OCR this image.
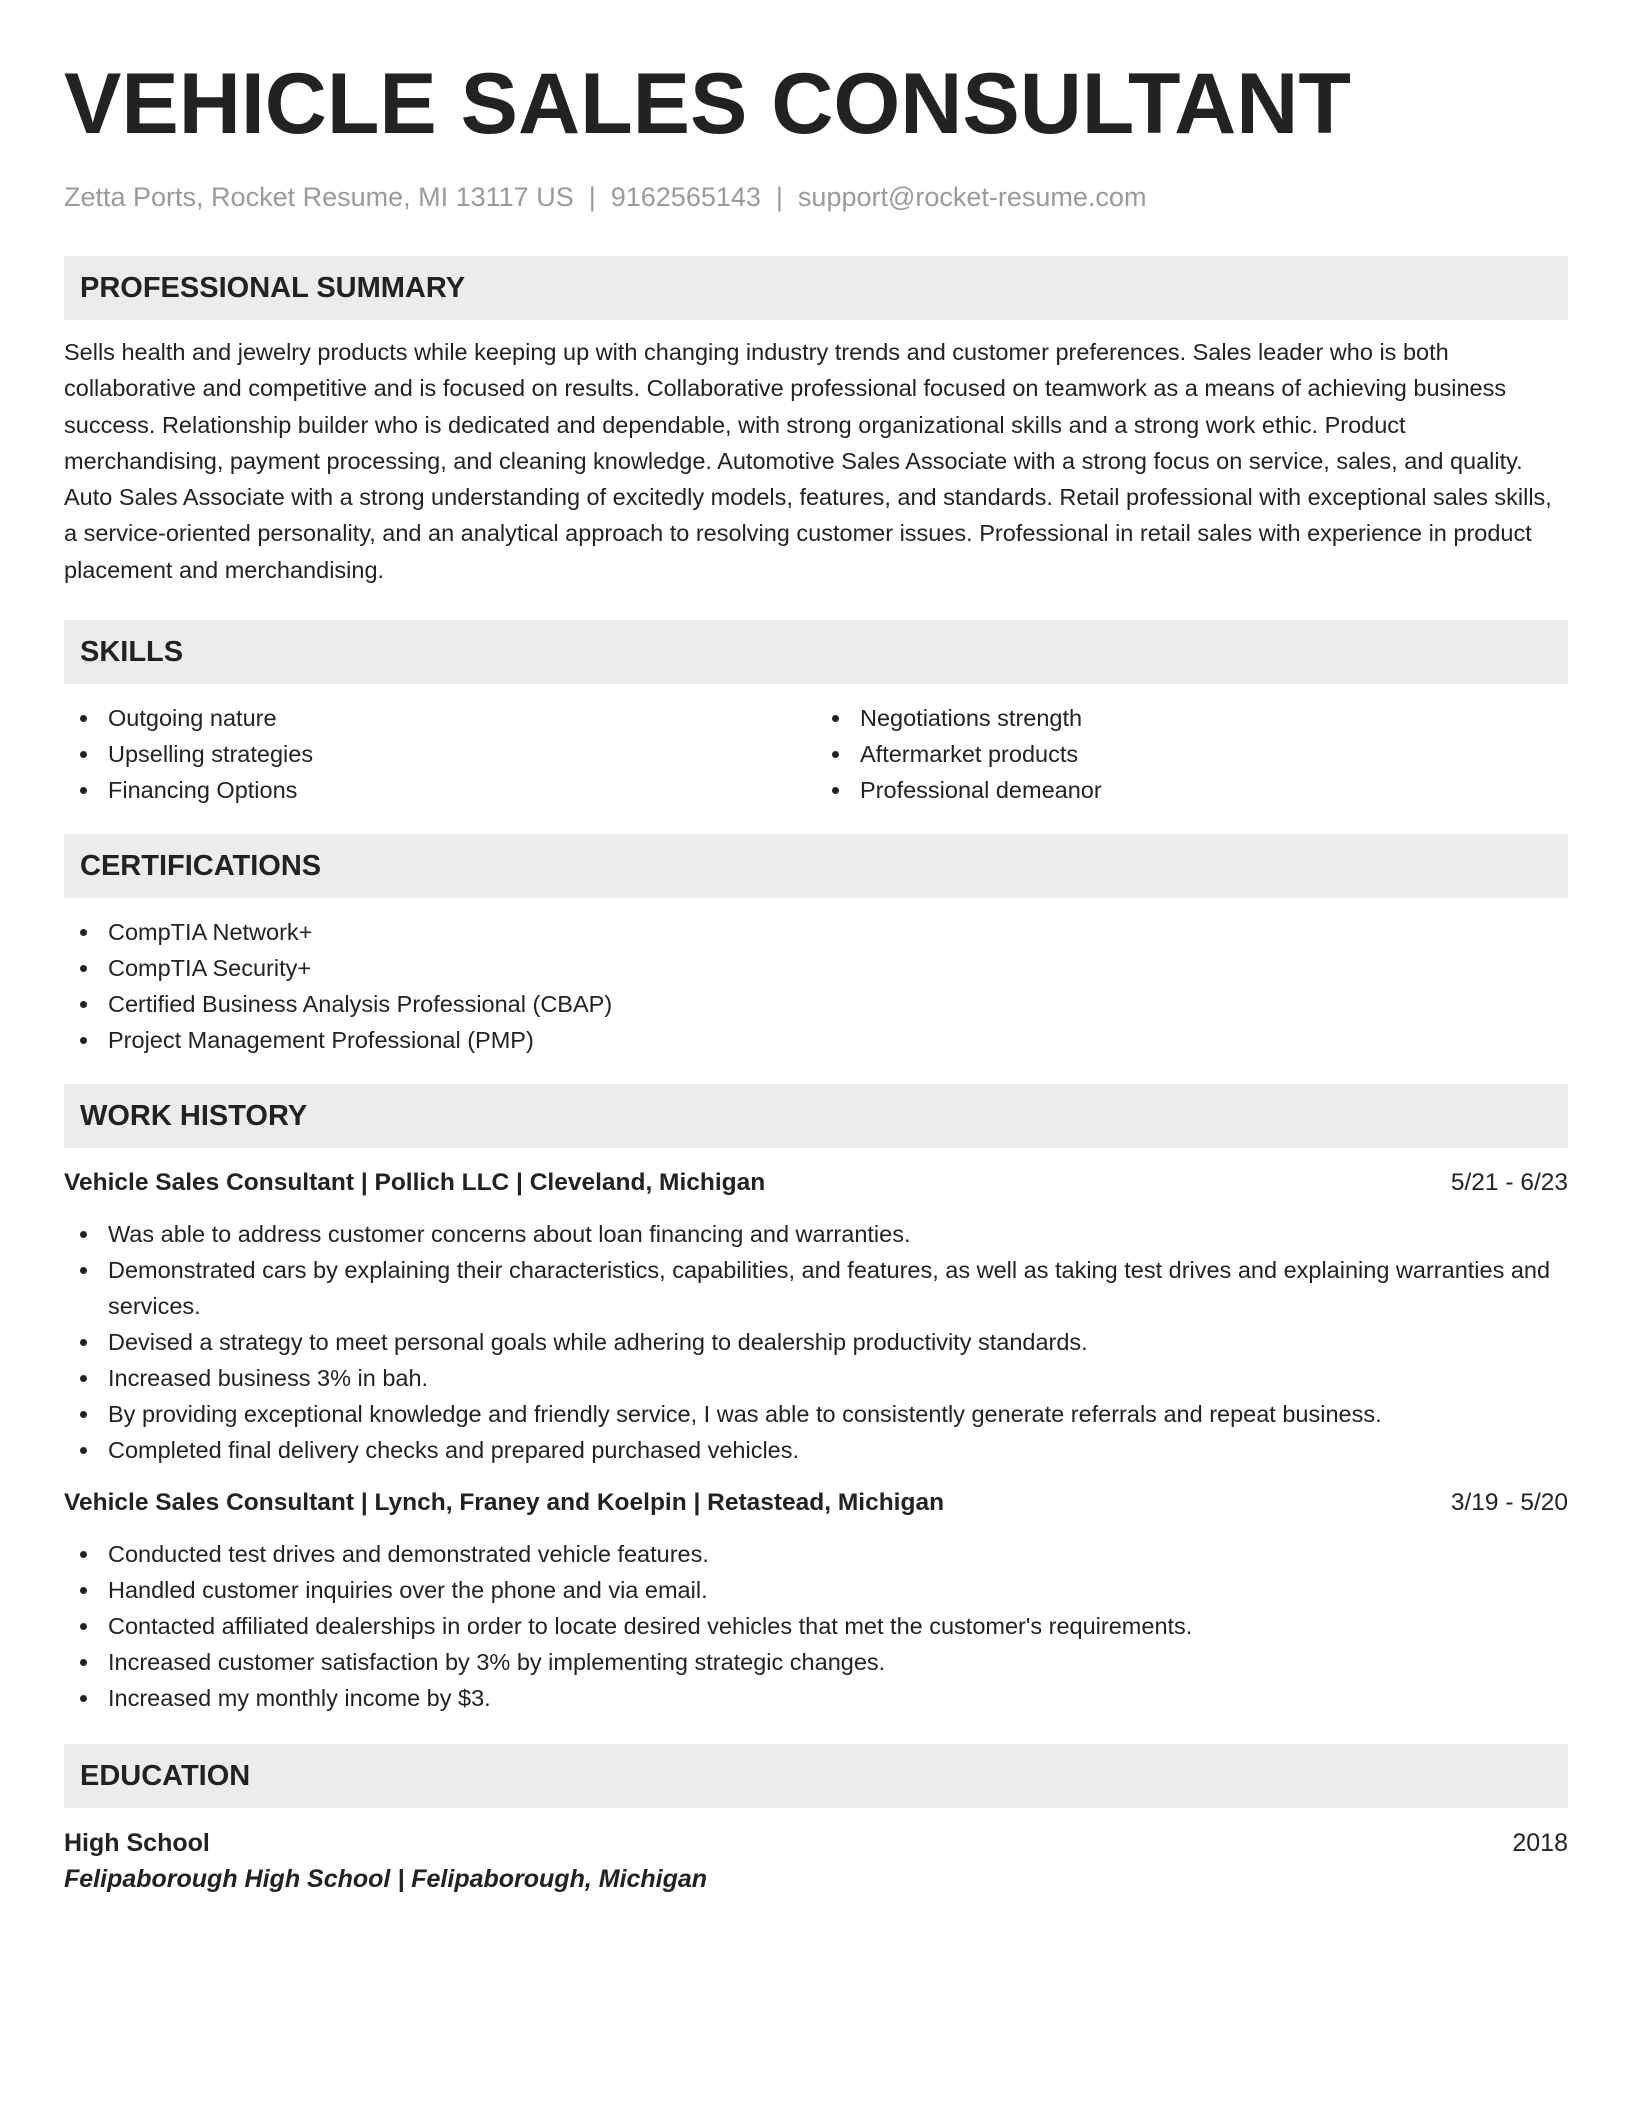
VEHICLE SALES CONSULTANT
Zetta Ports, Rocket Resume, MI 13117 US | 9162565143 | support@rocket-resume.com
PROFESSIONAL SUMMARY

Sells health and jewelry products while keeping up with changing industry trends and customer preferences. Sales leader who is both collaborative and competitive and is focused on results. Collaborative professional focused on teamwork as a means of achieving business success. Relationship builder who is dedicated and dependable, with strong organizational skills and a strong work ethic. Product merchandising, payment processing, and cleaning knowledge. Automotive Sales Associate with a strong focus on service, sales, and quality. Auto Sales Associate with a strong understanding of excitedly models, features, and standards. Retail professional with exceptional sales skills, a service-oriented personality, and an analytical approach to resolving customer issues. Professional in retail sales with experience in product placement and merchandising.

SKILLS
Outgoing nature
Upselling strategies
Financing Options
Negotiations strength
Aftermarket products
Professional demeanor
CERTIFICATIONS
CompTIA Network+
CompTIA Security+
Certified Business Analysis Professional (CBAP)
Project Management Professional (PMP)
WORK HISTORY
Vehicle Sales Consultant | Pollich LLC | Cleveland, Michigan	5/21 - 6/23
Was able to address customer concerns about loan financing and warranties.
Demonstrated cars by explaining their characteristics, capabilities, and features, as well as taking test drives and explaining warranties and services.
Devised a strategy to meet personal goals while adhering to dealership productivity standards.
Increased business 3% in bah.
By providing exceptional knowledge and friendly service, I was able to consistently generate referrals and repeat business.
Completed final delivery checks and prepared purchased vehicles.
Vehicle Sales Consultant | Lynch, Franey and Koelpin | Retastead, Michigan	3/19 - 5/20
Conducted test drives and demonstrated vehicle features.
Handled customer inquiries over the phone and via email.
Contacted affiliated dealerships in order to locate desired vehicles that met the customer's requirements.
Increased customer satisfaction by 3% by implementing strategic changes.
Increased my monthly income by $3.
EDUCATION
High School	2018
Felipaborough High School | Felipaborough, Michigan
